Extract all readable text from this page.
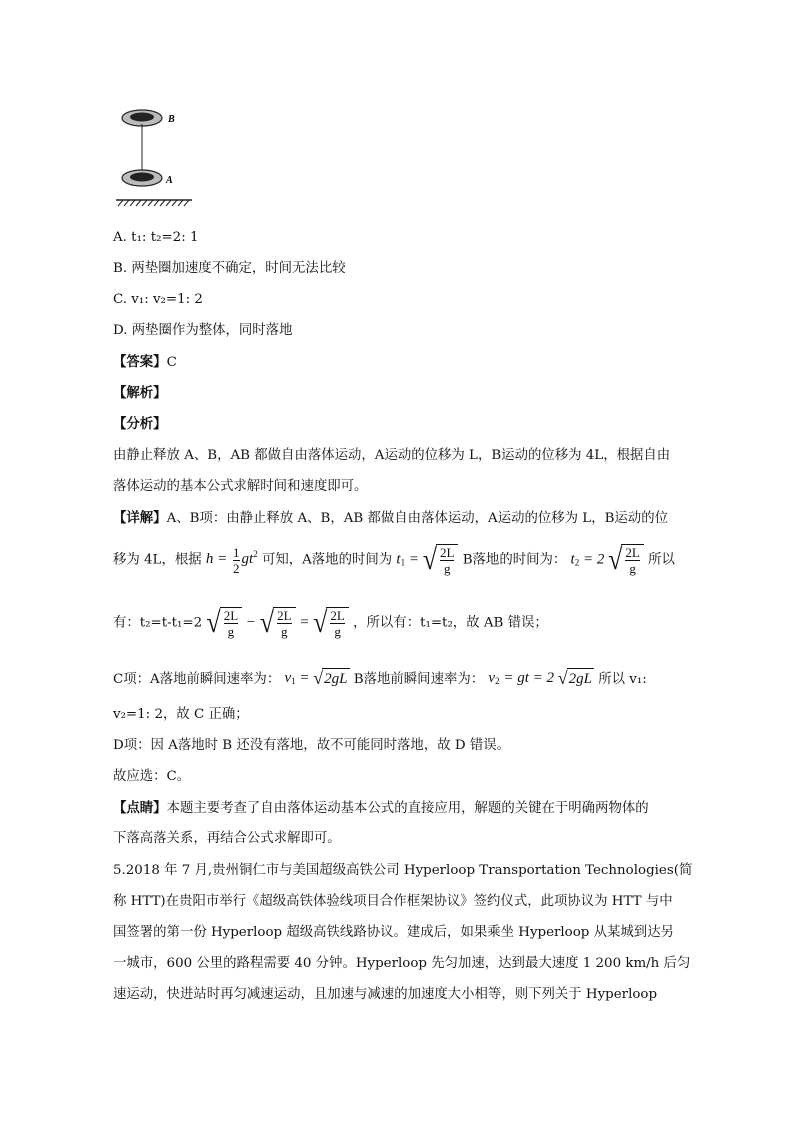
B
A
A. t₁: t₂=2: 1
B. 两垫圈加速度不确定，时间无法比较
C. v₁: v₂=1: 2
D. 两垫圈作为整体，同时落地
【答案】C
【解析】
【分析】
由静止释放 A、B，AB 都做自由落体运动，A运动的位移为 L，B运动的位移为 4L，根据自由
落体运动的基本公式求解时间和速度即可。
【详解】A、B项：由静止释放 A、B，AB 都做自由落体运动，A运动的位移为 L，B运动的位
移为 4L，根据 $h = \frac{1}{2} gt^2$ 可知，A落地的时间为 $t_1$ = √ $\frac{2L}{g}$ B落地的时间为： $t_2 = 2$ √ $\frac{2L}{g}$ 所以
有：t₂=t-t₁=2 √ $\frac{2L}{g}$ − √ $\frac{2L}{g}$ = √ $\frac{2L}{g}$ ，所以有：t₁=t₂，故 AB 错误；
C项：A落地前瞬间速率为： $v_1$ = √ 2gL B落地前瞬间速率为： $v_2$ = gt = 2 √ 2gL 所以 v₁:
v₂=1: 2，故 C 正确；
D项：因 A落地时 B 还没有落地，故不可能同时落地，故 D 错误。
故应选：C。
【点睛】本题主要考查了自由落体运动基本公式的直接应用，解题的关键在于明确两物体的
下落高落关系，再结合公式求解即可。
5.2018 年 7 月,贵州铜仁市与美国超级高铁公司 Hyperloop Transportation Technologies(简
称 HTT)在贵阳市举行《超级高铁体验线项目合作框架协议》签约仪式，此项协议为 HTT 与中
国签署的第一份 Hyperloop 超级高铁线路协议。建成后，如果乘坐 Hyperloop 从某城到达另
一城市，600 公里的路程需要 40 分钟。Hyperloop 先匀加速，达到最大速度 1 200 km/h 后匀
速运动，快进站时再匀减速运动，且加速与减速的加速度大小相等，则下列关于 Hyperloop
